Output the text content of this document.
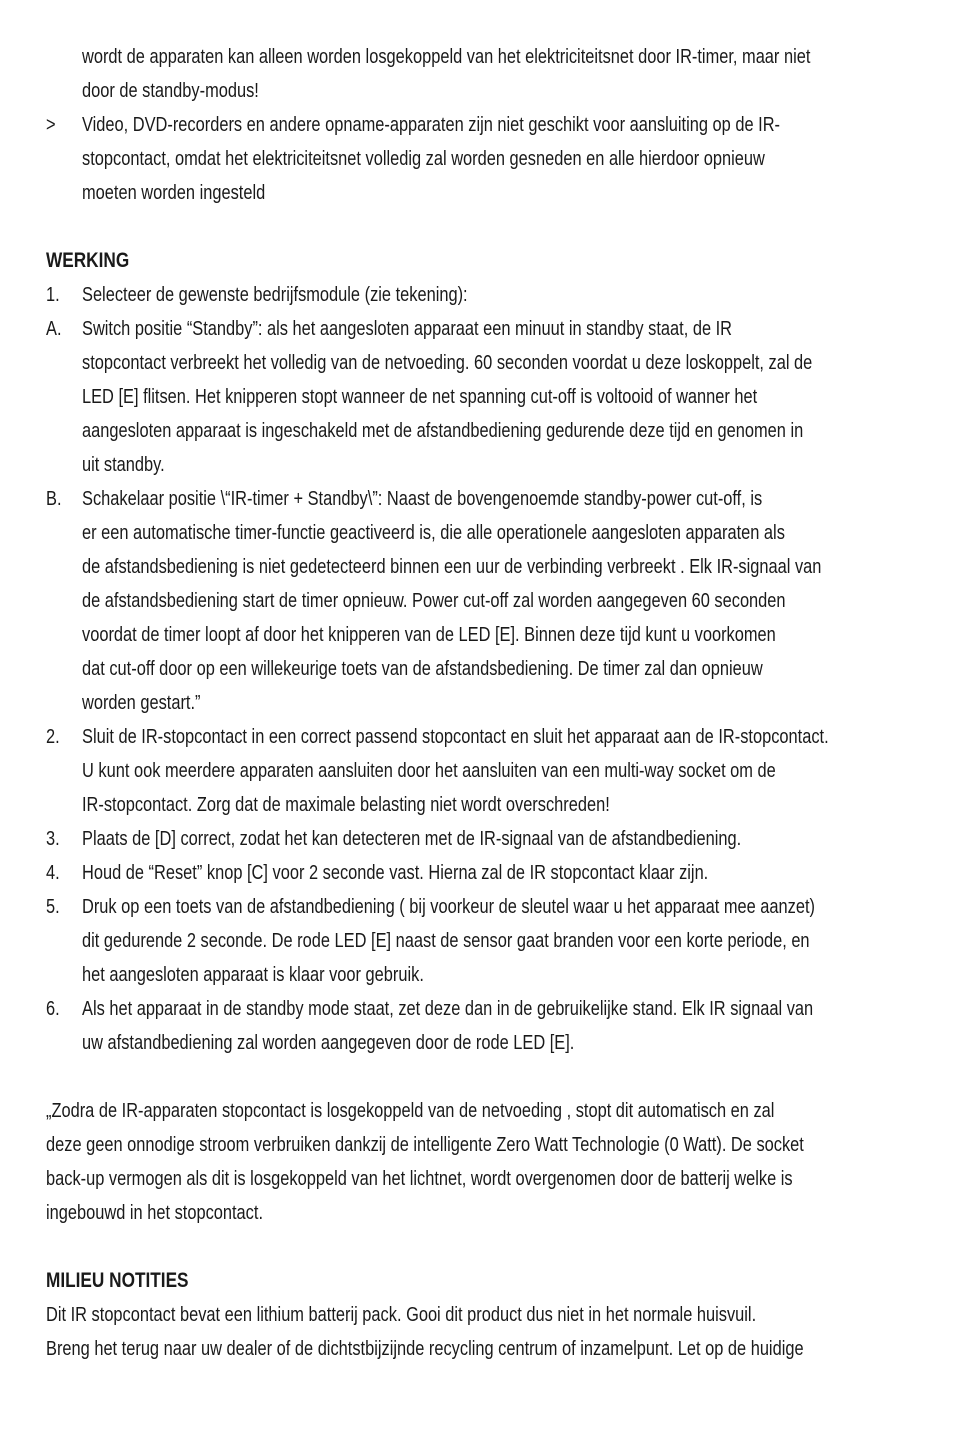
wordt de apparaten kan alleen worden losgekoppeld van het elektriciteitsnet door IR-timer, maar niet
door de standby-modus!
>	Video, DVD-recorders en andere opname-apparaten zijn niet geschikt voor aansluiting op de IR-
stopcontact, omdat het elektriciteitsnet volledig zal worden gesneden en alle hierdoor opnieuw
moeten worden ingesteld
WERKING
1.	Selecteer de gewenste bedrijfsmodule (zie tekening):
A.	Switch positie “Standby”: als het aangesloten apparaat een minuut in standby staat, de IR
stopcontact verbreekt het volledig van de netvoeding. 60 seconden voordat u deze loskoppelt, zal de
LED [E] flitsen. Het knipperen stopt wanneer de net spanning cut-off is voltooid of wanner het
aangesloten apparaat is ingeschakeld met de afstandbediening gedurende deze tijd en genomen in
uit standby.
B.	Schakelaar positie \“IR-timer + Standby\”: Naast de bovengenoemde standby-power cut-off, is
er een automatische timer-functie geactiveerd is, die alle operationele aangesloten apparaten als
de afstandsbediening is niet gedetecteerd binnen een uur de verbinding verbreekt . Elk IR-signaal van
de afstandsbediening start de timer opnieuw. Power cut-off zal worden aangegeven 60 seconden
voordat de timer loopt af door het knipperen van de LED [E]. Binnen deze tijd kunt u voorkomen
dat cut-off door op een willekeurige toets van de afstandsbediening. De timer zal dan opnieuw
worden gestart.”
2.	Sluit de IR-stopcontact in een correct passend stopcontact en sluit het apparaat aan de IR-stopcontact.
U kunt ook meerdere apparaten aansluiten door het aansluiten van een multi-way socket om de
IR-stopcontact. Zorg dat de maximale belasting niet wordt overschreden!
3.	Plaats de [D] correct, zodat het kan detecteren met de IR-signaal van de afstandbediening.
4.	Houd de “Reset” knop [C] voor 2 seconde vast. Hierna zal de IR stopcontact klaar zijn.
5.	Druk op een toets van de afstandbediening ( bij voorkeur de sleutel waar u het apparaat mee aanzet)
dit gedurende 2 seconde. De rode LED [E] naast de sensor gaat branden voor een korte periode, en
het aangesloten apparaat is klaar voor gebruik.
6.	Als het apparaat in de standby mode staat, zet deze dan in de gebruikelijke stand. Elk IR signaal van
uw afstandbediening zal worden aangegeven door de rode LED [E].
„Zodra de IR-apparaten stopcontact is losgekoppeld van de netvoeding , stopt dit automatisch en zal
deze geen onnodige stroom verbruiken dankzij de intelligente Zero Watt Technologie (0 Watt). De socket
back-up vermogen als dit is losgekoppeld van het lichtnet, wordt overgenomen door de batterij welke is
ingebouwd in het stopcontact.
MILIEU NOTITIES
Dit IR stopcontact bevat een lithium batterij pack. Gooi dit product dus niet in het normale huisvuil.
Breng het terug naar uw dealer of de dichtstbijzijnde recycling centrum of inzamelpunt. Let op de huidige
